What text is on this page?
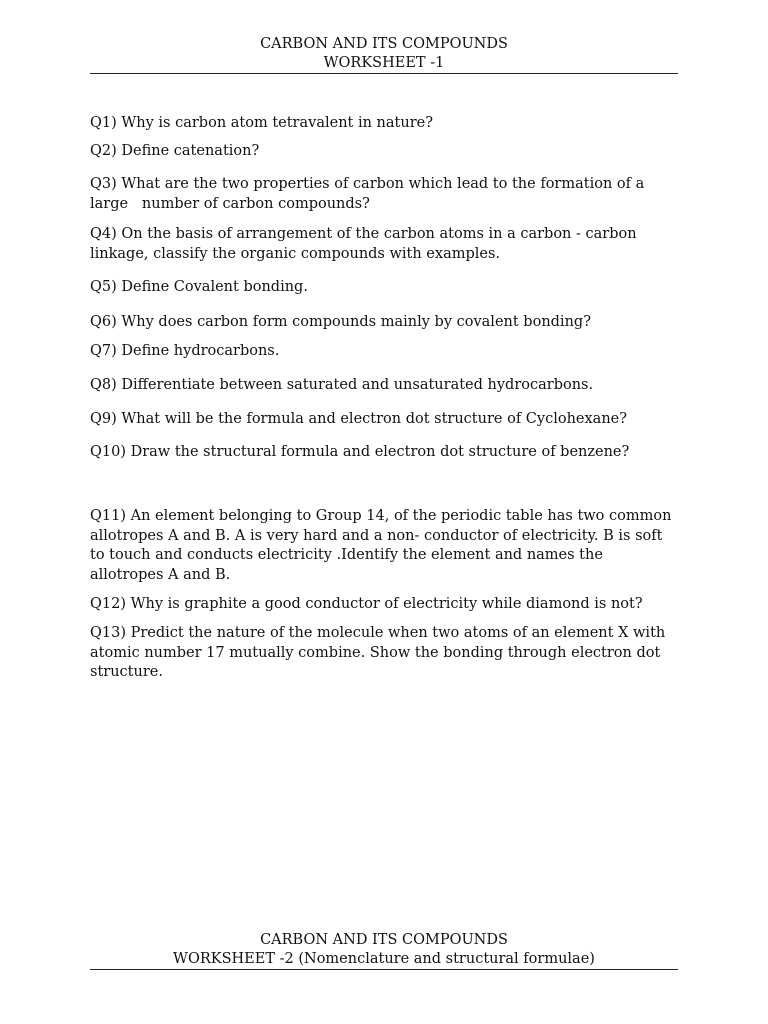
CARBON AND ITS COMPOUNDS
WORKSHEET -1
Q1) Why is carbon atom tetravalent in nature?
Q2) Define catenation?
Q3) What are the two properties of carbon which lead to the formation of a large   number of carbon compounds?
Q4) On the basis of arrangement of the carbon atoms in a carbon - carbon linkage, classify the organic compounds with examples.
Q5) Define Covalent bonding.
Q6) Why does carbon form compounds mainly by covalent bonding?
Q7) Define hydrocarbons.
Q8) Differentiate between saturated and unsaturated hydrocarbons.
Q9) What will be the formula and electron dot structure of Cyclohexane?
Q10) Draw the structural formula and electron dot structure of benzene?
Q11) An element belonging to Group 14, of the periodic table has two common allotropes A and B. A is very hard and a non- conductor of electricity. B is soft to touch and conducts electricity .Identify the element and names the allotropes A and B.
Q12) Why is graphite a good conductor of electricity while diamond is not?
Q13) Predict the nature of the molecule when two atoms of an element X with atomic number 17 mutually combine. Show the bonding through electron dot structure.
CARBON AND ITS COMPOUNDS
WORKSHEET -2 (Nomenclature and structural formulae)
